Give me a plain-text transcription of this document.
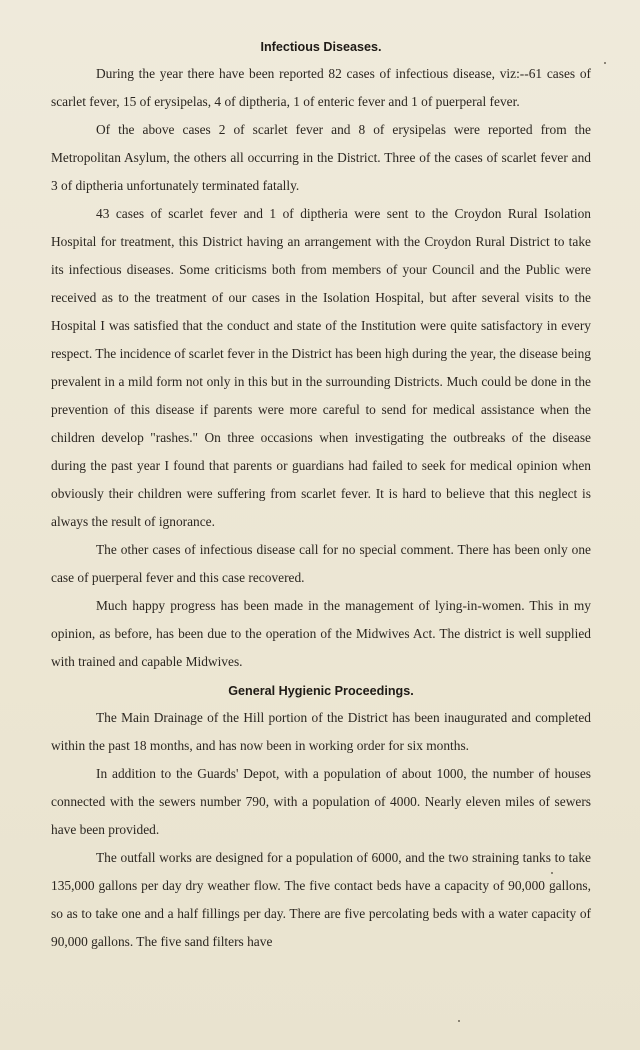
Infectious Diseases.

During the year there have been reported 82 cases of infectious disease, viz:--61 cases of scarlet fever, 15 of erysipelas, 4 of diptheria, 1 of enteric fever and 1 of puerperal fever.

Of the above cases 2 of scarlet fever and 8 of erysipelas were reported from the Metropolitan Asylum, the others all occurring in the District. Three of the cases of scarlet fever and 3 of diptheria unfortunately terminated fatally.

43 cases of scarlet fever and 1 of diptheria were sent to the Croydon Rural Isolation Hospital for treatment, this District having an arrangement with the Croydon Rural District to take its infectious diseases. Some criticisms both from members of your Council and the Public were received as to the treatment of our cases in the Isolation Hospital, but after several visits to the Hospital I was satisfied that the conduct and state of the Institution were quite satisfactory in every respect. The incidence of scarlet fever in the District has been high during the year, the disease being prevalent in a mild form not only in this but in the surrounding Districts. Much could be done in the prevention of this disease if parents were more careful to send for medical assistance when the children develop "rashes." On three occasions when investigating the outbreaks of the disease during the past year I found that parents or guardians had failed to seek for medical opinion when obviously their children were suffering from scarlet fever. It is hard to believe that this neglect is always the result of ignorance.

The other cases of infectious disease call for no special comment. There has been only one case of puerperal fever and this case recovered.

Much happy progress has been made in the management of lying-in-women. This in my opinion, as before, has been due to the operation of the Midwives Act. The district is well supplied with trained and capable Midwives.

General Hygienic Proceedings.

The Main Drainage of the Hill portion of the District has been inaugurated and completed within the past 18 months, and has now been in working order for six months.

In addition to the Guards' Depot, with a population of about 1000, the number of houses connected with the sewers number 790, with a population of 4000. Nearly eleven miles of sewers have been provided.

The outfall works are designed for a population of 6000, and the two straining tanks to take 135,000 gallons per day dry weather flow. The five contact beds have a capacity of 90,000 gallons, so as to take one and a half fillings per day. There are five percolating beds with a water capacity of 90,000 gallons. The five sand filters have
